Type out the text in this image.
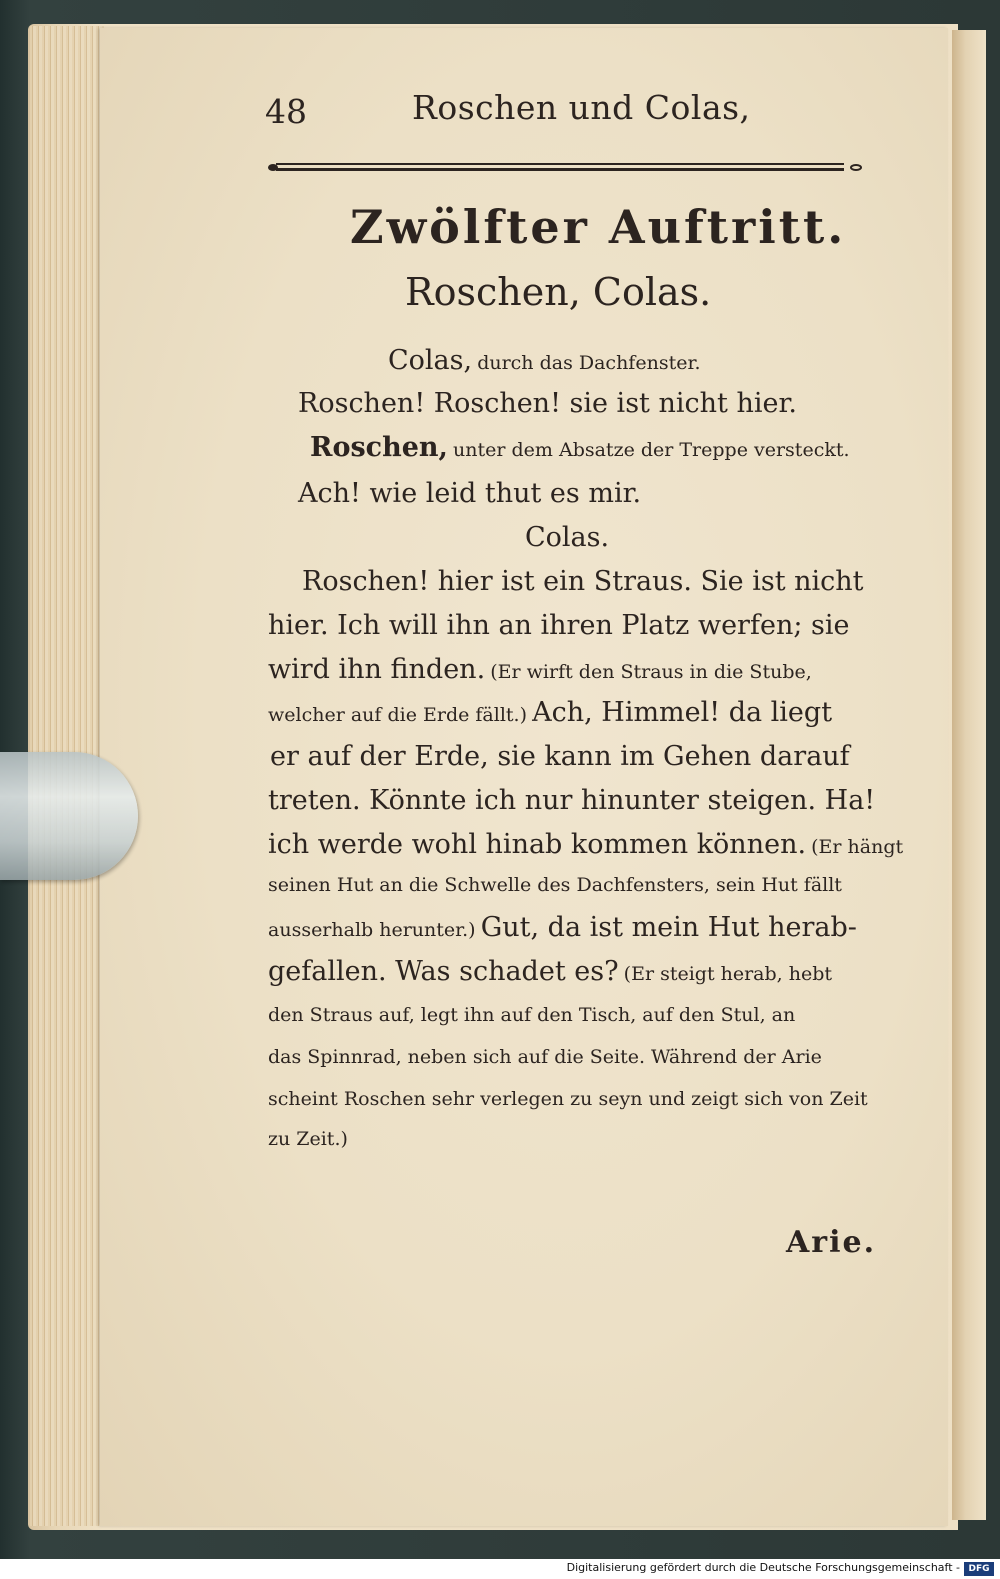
48	Roschen und Colas,
Zwölfter Auftritt.
Roschen, Colas.
Colas, durch das Dachfenster.
Roschen! Roschen! sie ist nicht hier.
Roschen, unter dem Absatze der Treppe versteckt.
Ach! wie leid thut es mir.
Colas.
Roschen! hier ist ein Straus. Sie ist nicht
hier. Ich will ihn an ihren Platz werfen; sie
wird ihn finden. (Er wirft den Straus in die Stube,
welcher auf die Erde fällt.) Ach, Himmel! da liegt
er auf der Erde, sie kann im Gehen darauf
treten. Könnte ich nur hinunter steigen. Ha!
ich werde wohl hinab kommen können. (Er hängt
seinen Hut an die Schwelle des Dachfensters, sein Hut fällt
ausserhalb herunter.) Gut, da ist mein Hut herab-
gefallen. Was schadet es? (Er steigt herab, hebt
den Straus auf, legt ihn auf den Tisch, auf den Stul, an
das Spinnrad, neben sich auf die Seite. Während der Arie
scheint Roschen sehr verlegen zu seyn und zeigt sich von Zeit
zu Zeit.)
Arie.
Digitalisierung gefördert durch die Deutsche Forschungsgemeinschaft - DFG
